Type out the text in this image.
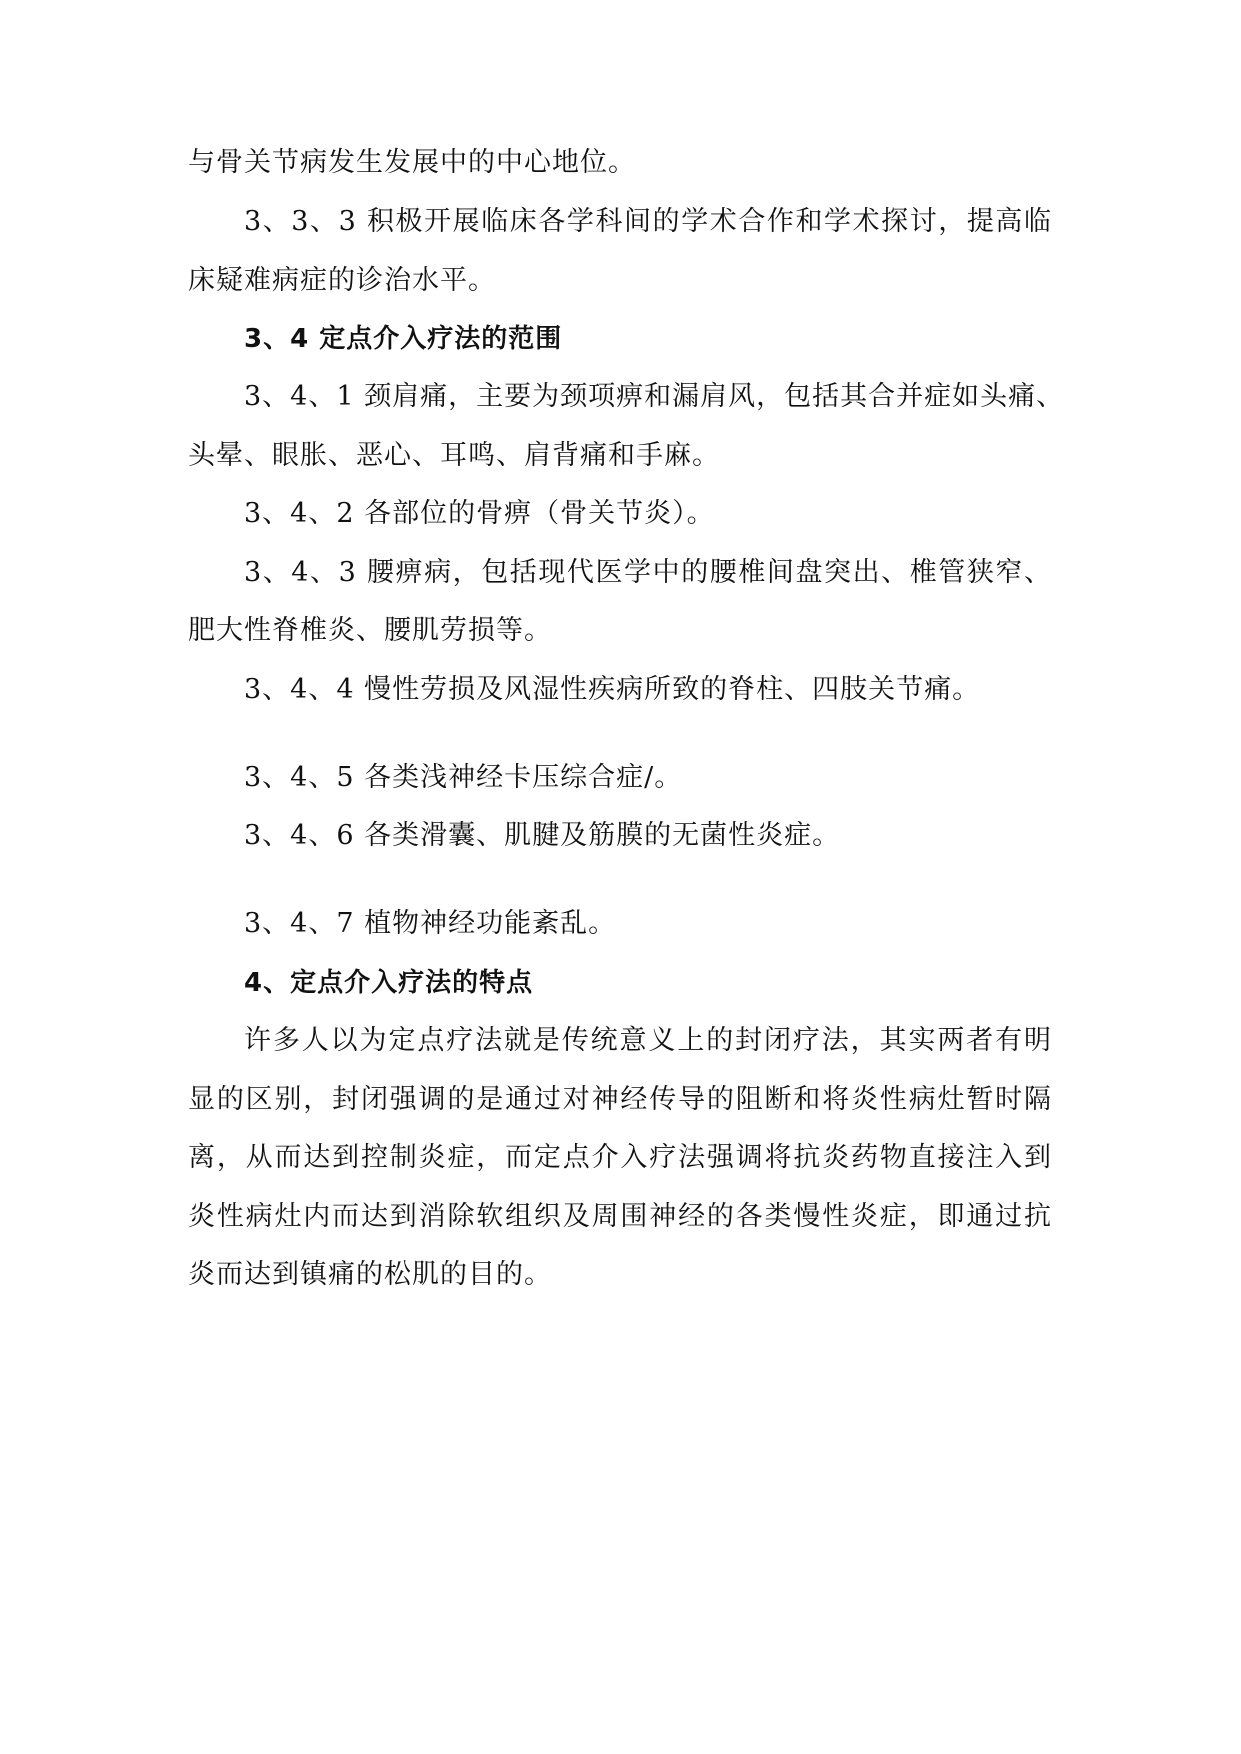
与骨关节病发生发展中的中心地位。
3、3、3 积极开展临床各学科间的学术合作和学术探讨，提高临
床疑难病症的诊治水平。
3、4 定点介入疗法的范围
3、4、1 颈肩痛，主要为颈项痹和漏肩风，包括其合并症如头痛、
头晕、眼胀、恶心、耳鸣、肩背痛和手麻。
3、4、2 各部位的骨痹（骨关节炎）。
3、4、3 腰痹病，包括现代医学中的腰椎间盘突出、椎管狭窄、
肥大性脊椎炎、腰肌劳损等。
3、4、4 慢性劳损及风湿性疾病所致的脊柱、四肢关节痛。
3、4、5 各类浅神经卡压综合症/。
3、4、6 各类滑囊、肌腱及筋膜的无菌性炎症。
3、4、7 植物神经功能紊乱。
4、定点介入疗法的特点
许多人以为定点疗法就是传统意义上的封闭疗法，其实两者有明
显的区别，封闭强调的是通过对神经传导的阻断和将炎性病灶暂时隔
离，从而达到控制炎症，而定点介入疗法强调将抗炎药物直接注入到
炎性病灶内而达到消除软组织及周围神经的各类慢性炎症，即通过抗
炎而达到镇痛的松肌的目的。
